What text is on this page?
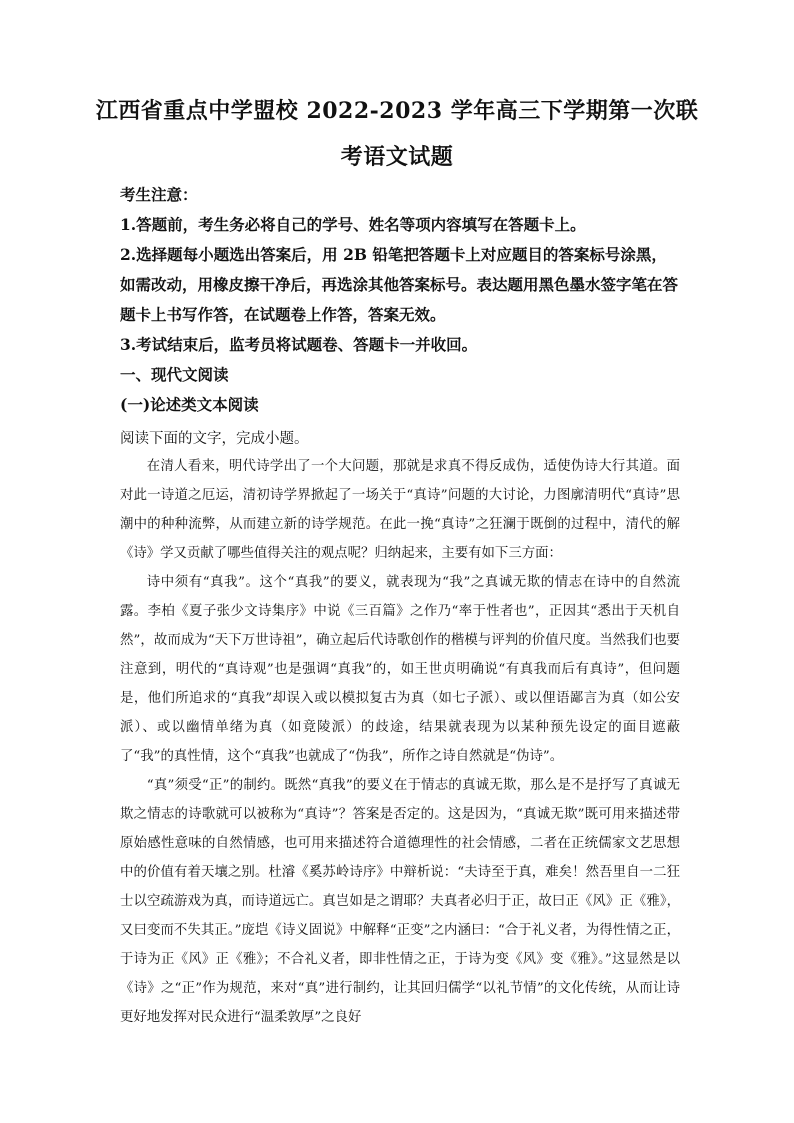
江西省重点中学盟校 2022-2023 学年高三下学期第一次联
考语文试题

考生注意：

1.答题前，考生务必将自己的学号、姓名等项内容填写在答题卡上。

2.选择题每小题选出答案后，用 2B 铅笔把答题卡上对应题目的答案标号涂黑，如需改动，用橡皮擦干净后，再选涂其他答案标号。表达题用黑色墨水签字笔在答题卡上书写作答，在试题卷上作答，答案无效。

3.考试结束后，监考员将试题卷、答题卡一并收回。

一、现代文阅读

(一)论述类文本阅读

阅读下面的文字，完成小题。

在清人看来，明代诗学出了一个大问题，那就是求真不得反成伪，适使伪诗大行其道。面对此一诗道之厄运，清初诗学界掀起了一场关于“真诗”问题的大讨论，力图廓清明代“真诗”思潮中的种种流弊，从而建立新的诗学规范。在此一挽“真诗”之狂澜于既倒的过程中，清代的解《诗》学又贡献了哪些值得关注的观点呢？归纳起来，主要有如下三方面：

诗中须有“真我”。这个“真我”的要义，就表现为“我”之真诚无欺的情志在诗中的自然流露。李柏《夏子张少文诗集序》中说《三百篇》之作乃“率于性者也”，正因其“悉出于天机自然”，故而成为“天下万世诗祖”，确立起后代诗歌创作的楷模与评判的价值尺度。当然我们也要注意到，明代的“真诗观”也是强调“真我”的，如王世贞明确说“有真我而后有真诗”，但问题是，他们所追求的“真我”却误入或以模拟复古为真（如七子派）、或以俚语鄙言为真（如公安派）、或以幽情单绪为真（如竟陵派）的歧途，结果就表现为以某种预先设定的面目遮蔽了“我”的真性情，这个“真我”也就成了“伪我”，所作之诗自然就是“伪诗”。

“真”须受“正”的制约。既然“真我”的要义在于情志的真诚无欺，那么是不是抒写了真诚无欺之情志的诗歌就可以被称为“真诗”？答案是否定的。这是因为，“真诚无欺”既可用来描述带原始感性意味的自然情感，也可用来描述符合道德理性的社会情感，二者在正统儒家文艺思想中的价值有着天壤之别。杜濬《奚苏岭诗序》中辩析说：“夫诗至于真，难矣！然吾里自一二狂士以空疏游戏为真，而诗道远亡。真岂如是之谓耶？夫真者必归于正，故曰正《风》正《雅》，又曰变而不失其正。”庞垲《诗义固说》中解释“正变”之内涵曰：“合于礼义者，为得性情之正，于诗为正《风》正《雅》；不合礼义者，即非性情之正，于诗为变《风》变《雅》。”这显然是以《诗》之“正”作为规范，来对“真”进行制约，让其回归儒学“以礼节情”的文化传统，从而让诗更好地发挥对民众进行“温柔敦厚”之良好
